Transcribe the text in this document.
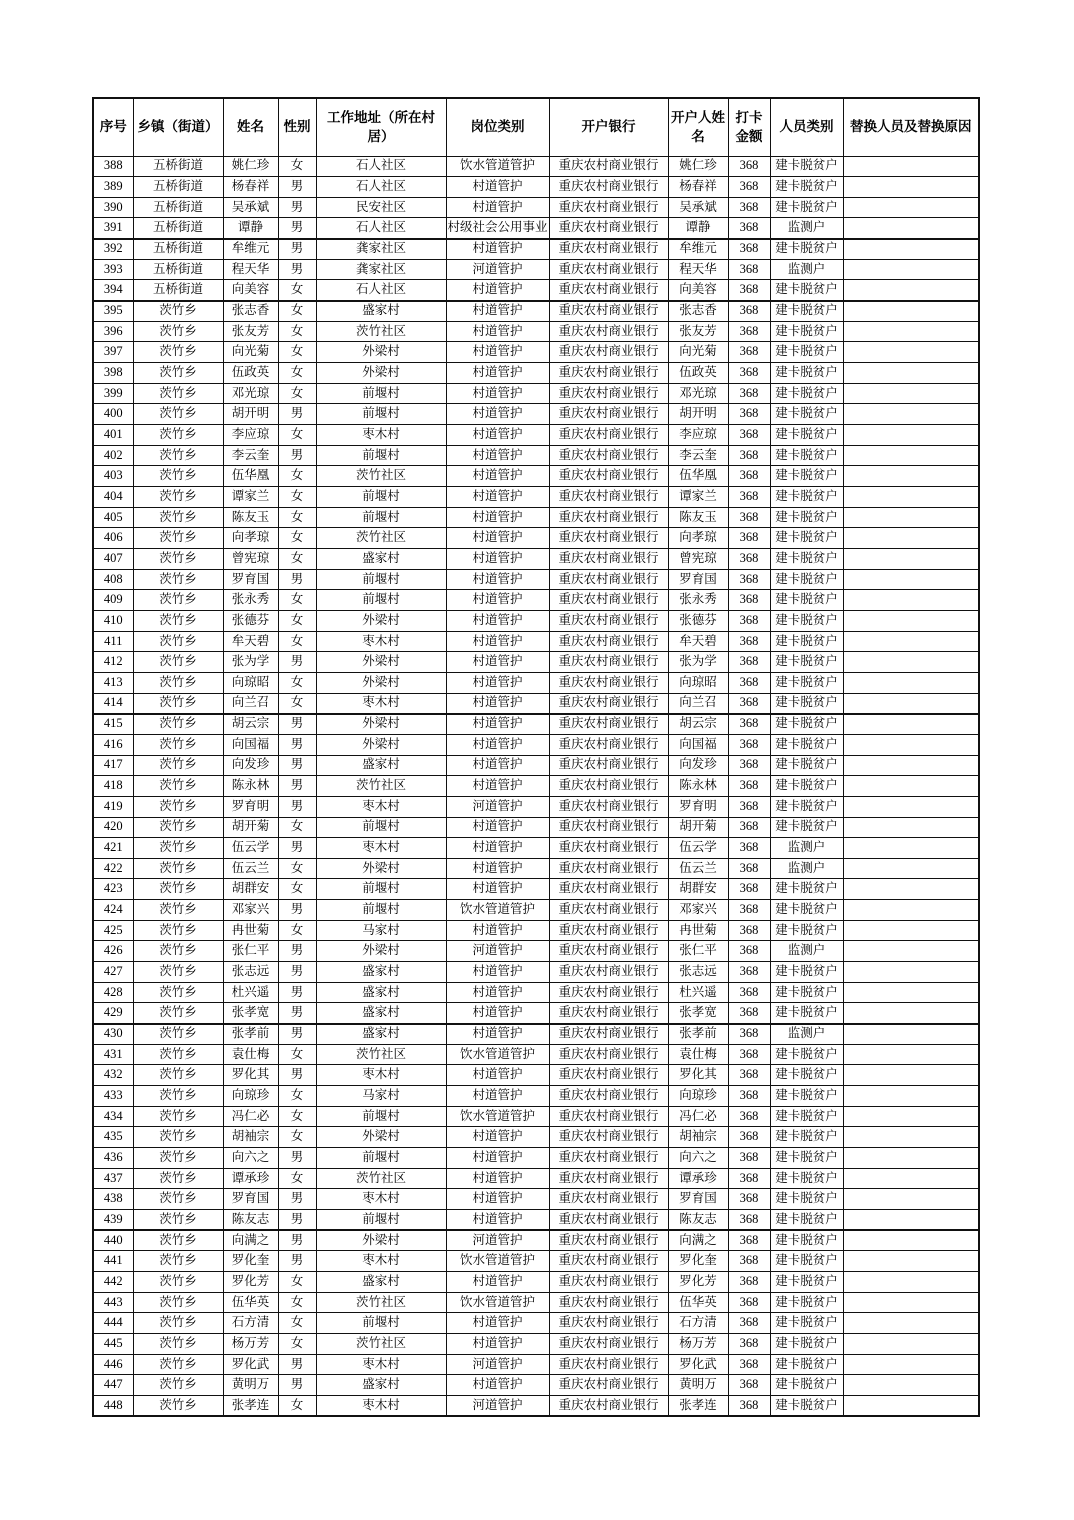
序号	乡镇（街道）	姓名	性别	工作地址（所在村居）	岗位类别	开户银行	开户人姓名	打卡金额	人员类别	替换人员及替换原因
388	五桥街道	姚仁珍	女	石人社区	饮水管道管护	重庆农村商业银行	姚仁珍	368	建卡脱贫户	
389	五桥街道	杨春祥	男	石人社区	村道管护	重庆农村商业银行	杨春祥	368	建卡脱贫户	
390	五桥街道	吴承斌	男	民安社区	村道管护	重庆农村商业银行	吴承斌	368	建卡脱贫户	
391	五桥街道	谭静	男	石人社区	村级社会公用事业	重庆农村商业银行	谭静	368	监测户	
392	五桥街道	牟维元	男	龚家社区	村道管护	重庆农村商业银行	牟维元	368	建卡脱贫户	
393	五桥街道	程天华	男	龚家社区	河道管护	重庆农村商业银行	程天华	368	监测户	
394	五桥街道	向美容	女	石人社区	村道管护	重庆农村商业银行	向美容	368	建卡脱贫户	
395	茨竹乡	张志香	女	盛家村	村道管护	重庆农村商业银行	张志香	368	建卡脱贫户	
396	茨竹乡	张友芳	女	茨竹社区	村道管护	重庆农村商业银行	张友芳	368	建卡脱贫户	
397	茨竹乡	向光菊	女	外梁村	村道管护	重庆农村商业银行	向光菊	368	建卡脱贫户	
398	茨竹乡	伍政英	女	外梁村	村道管护	重庆农村商业银行	伍政英	368	建卡脱贫户	
399	茨竹乡	邓光琼	女	前堰村	村道管护	重庆农村商业银行	邓光琼	368	建卡脱贫户	
400	茨竹乡	胡开明	男	前堰村	村道管护	重庆农村商业银行	胡开明	368	建卡脱贫户	
401	茨竹乡	李应琼	女	枣木村	村道管护	重庆农村商业银行	李应琼	368	建卡脱贫户	
402	茨竹乡	李云奎	男	前堰村	村道管护	重庆农村商业银行	李云奎	368	建卡脱贫户	
403	茨竹乡	伍华凰	女	茨竹社区	村道管护	重庆农村商业银行	伍华凰	368	建卡脱贫户	
404	茨竹乡	谭家兰	女	前堰村	村道管护	重庆农村商业银行	谭家兰	368	建卡脱贫户	
405	茨竹乡	陈友玉	女	前堰村	村道管护	重庆农村商业银行	陈友玉	368	建卡脱贫户	
406	茨竹乡	向孝琼	女	茨竹社区	村道管护	重庆农村商业银行	向孝琼	368	建卡脱贫户	
407	茨竹乡	曾宪琼	女	盛家村	村道管护	重庆农村商业银行	曾宪琼	368	建卡脱贫户	
408	茨竹乡	罗育国	男	前堰村	村道管护	重庆农村商业银行	罗育国	368	建卡脱贫户	
409	茨竹乡	张永秀	女	前堰村	村道管护	重庆农村商业银行	张永秀	368	建卡脱贫户	
410	茨竹乡	张德芬	女	外梁村	村道管护	重庆农村商业银行	张德芬	368	建卡脱贫户	
411	茨竹乡	牟天碧	女	枣木村	村道管护	重庆农村商业银行	牟天碧	368	建卡脱贫户	
412	茨竹乡	张为学	男	外梁村	村道管护	重庆农村商业银行	张为学	368	建卡脱贫户	
413	茨竹乡	向琼昭	女	外梁村	村道管护	重庆农村商业银行	向琼昭	368	建卡脱贫户	
414	茨竹乡	向兰召	女	枣木村	村道管护	重庆农村商业银行	向兰召	368	建卡脱贫户	
415	茨竹乡	胡云宗	男	外梁村	村道管护	重庆农村商业银行	胡云宗	368	建卡脱贫户	
416	茨竹乡	向国福	男	外梁村	村道管护	重庆农村商业银行	向国福	368	建卡脱贫户	
417	茨竹乡	向发珍	男	盛家村	村道管护	重庆农村商业银行	向发珍	368	建卡脱贫户	
418	茨竹乡	陈永林	男	茨竹社区	村道管护	重庆农村商业银行	陈永林	368	建卡脱贫户	
419	茨竹乡	罗育明	男	枣木村	河道管护	重庆农村商业银行	罗育明	368	建卡脱贫户	
420	茨竹乡	胡开菊	女	前堰村	村道管护	重庆农村商业银行	胡开菊	368	建卡脱贫户	
421	茨竹乡	伍云学	男	枣木村	村道管护	重庆农村商业银行	伍云学	368	监测户	
422	茨竹乡	伍云兰	女	外梁村	村道管护	重庆农村商业银行	伍云兰	368	监测户	
423	茨竹乡	胡群安	女	前堰村	村道管护	重庆农村商业银行	胡群安	368	建卡脱贫户	
424	茨竹乡	邓家兴	男	前堰村	饮水管道管护	重庆农村商业银行	邓家兴	368	建卡脱贫户	
425	茨竹乡	冉世菊	女	马家村	村道管护	重庆农村商业银行	冉世菊	368	建卡脱贫户	
426	茨竹乡	张仁平	男	外梁村	河道管护	重庆农村商业银行	张仁平	368	监测户	
427	茨竹乡	张志远	男	盛家村	村道管护	重庆农村商业银行	张志远	368	建卡脱贫户	
428	茨竹乡	杜兴遥	男	盛家村	村道管护	重庆农村商业银行	杜兴遥	368	建卡脱贫户	
429	茨竹乡	张孝宽	男	盛家村	村道管护	重庆农村商业银行	张孝宽	368	建卡脱贫户	
430	茨竹乡	张孝前	男	盛家村	村道管护	重庆农村商业银行	张孝前	368	监测户	
431	茨竹乡	袁仕梅	女	茨竹社区	饮水管道管护	重庆农村商业银行	袁仕梅	368	建卡脱贫户	
432	茨竹乡	罗化其	男	枣木村	村道管护	重庆农村商业银行	罗化其	368	建卡脱贫户	
433	茨竹乡	向琼珍	女	马家村	村道管护	重庆农村商业银行	向琼珍	368	建卡脱贫户	
434	茨竹乡	冯仁必	女	前堰村	饮水管道管护	重庆农村商业银行	冯仁必	368	建卡脱贫户	
435	茨竹乡	胡袖宗	女	外梁村	村道管护	重庆农村商业银行	胡袖宗	368	建卡脱贫户	
436	茨竹乡	向六之	男	前堰村	村道管护	重庆农村商业银行	向六之	368	建卡脱贫户	
437	茨竹乡	谭承珍	女	茨竹社区	村道管护	重庆农村商业银行	谭承珍	368	建卡脱贫户	
438	茨竹乡	罗育国	男	枣木村	村道管护	重庆农村商业银行	罗育国	368	建卡脱贫户	
439	茨竹乡	陈友志	男	前堰村	村道管护	重庆农村商业银行	陈友志	368	建卡脱贫户	
440	茨竹乡	向满之	男	外梁村	河道管护	重庆农村商业银行	向满之	368	建卡脱贫户	
441	茨竹乡	罗化奎	男	枣木村	饮水管道管护	重庆农村商业银行	罗化奎	368	建卡脱贫户	
442	茨竹乡	罗化芳	女	盛家村	村道管护	重庆农村商业银行	罗化芳	368	建卡脱贫户	
443	茨竹乡	伍华英	女	茨竹社区	饮水管道管护	重庆农村商业银行	伍华英	368	建卡脱贫户	
444	茨竹乡	石方清	女	前堰村	村道管护	重庆农村商业银行	石方清	368	建卡脱贫户	
445	茨竹乡	杨万芳	女	茨竹社区	村道管护	重庆农村商业银行	杨万芳	368	建卡脱贫户	
446	茨竹乡	罗化武	男	枣木村	河道管护	重庆农村商业银行	罗化武	368	建卡脱贫户	
447	茨竹乡	黄明万	男	盛家村	村道管护	重庆农村商业银行	黄明万	368	建卡脱贫户	
448	茨竹乡	张孝连	女	枣木村	河道管护	重庆农村商业银行	张孝连	368	建卡脱贫户	
